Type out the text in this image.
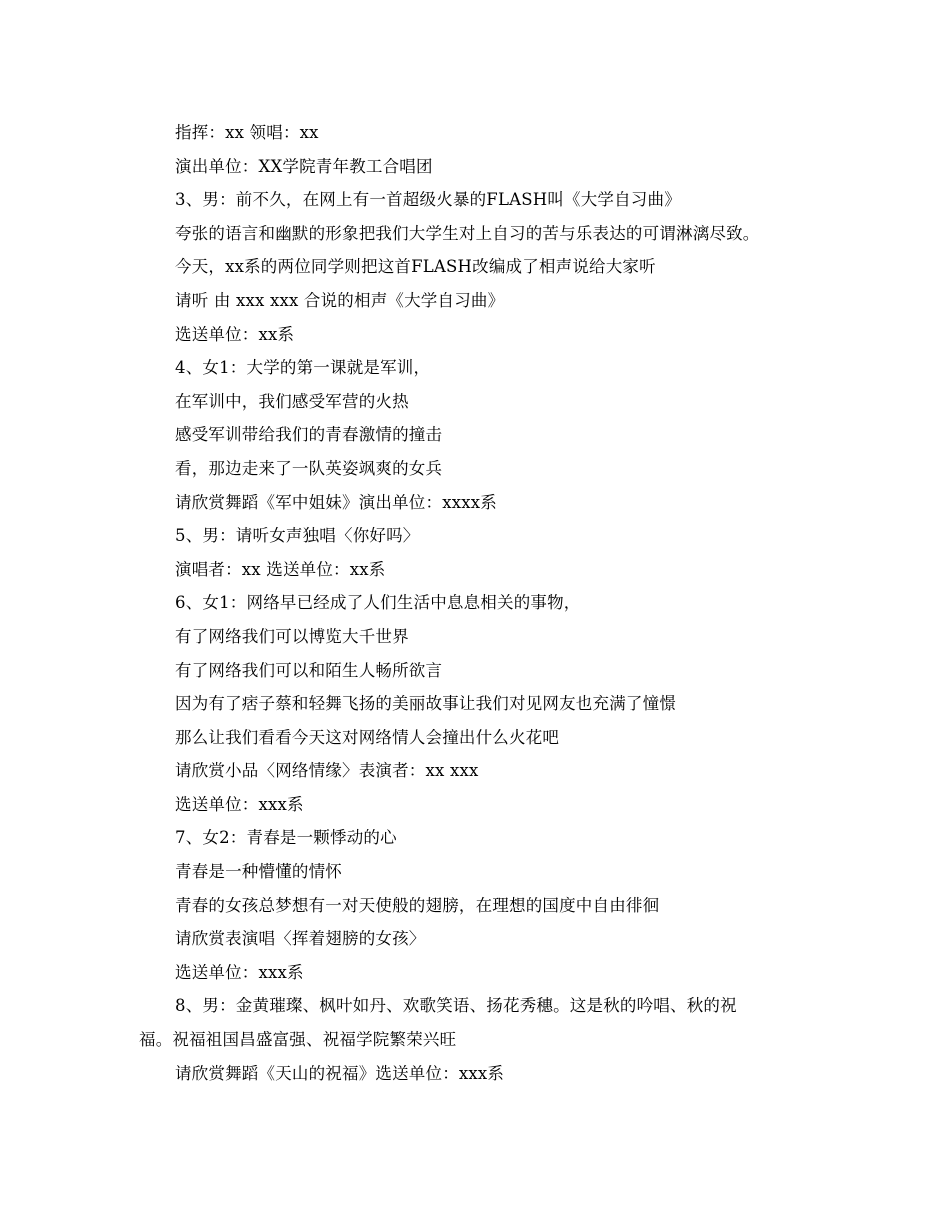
指挥：xx 领唱：xx
演出单位：XX学院青年教工合唱团
3、男：前不久，在网上有一首超级火暴的FLASH叫《大学自习曲》
夸张的语言和幽默的形象把我们大学生对上自习的苦与乐表达的可谓淋漓尽致。
今天，xx系的两位同学则把这首FLASH改编成了相声说给大家听
请听 由 xxx xxx 合说的相声《大学自习曲》
选送单位：xx系
4、女1：大学的第一课就是军训，
在军训中，我们感受军营的火热
感受军训带给我们的青春激情的撞击
看，那边走来了一队英姿飒爽的女兵
请欣赏舞蹈《军中姐妹》演出单位：xxxx系
5、男：请听女声独唱〈你好吗〉
演唱者：xx 选送单位：xx系
6、女1：网络早已经成了人们生活中息息相关的事物，
有了网络我们可以博览大千世界
有了网络我们可以和陌生人畅所欲言
因为有了痞子蔡和轻舞飞扬的美丽故事让我们对见网友也充满了憧憬
那么让我们看看今天这对网络情人会撞出什么火花吧
请欣赏小品〈网络情缘〉表演者：xx xxx
选送单位：xxx系
7、女2：青春是一颗悸动的心
青春是一种懵懂的情怀
青春的女孩总梦想有一对天使般的翅膀，在理想的国度中自由徘徊
请欣赏表演唱〈挥着翅膀的女孩〉
选送单位：xxx系
8、男：金黄璀璨、枫叶如丹、欢歌笑语、扬花秀穗。这是秋的吟唱、秋的祝
福。祝福祖国昌盛富强、祝福学院繁荣兴旺
请欣赏舞蹈《天山的祝福》选送单位：xxx系
